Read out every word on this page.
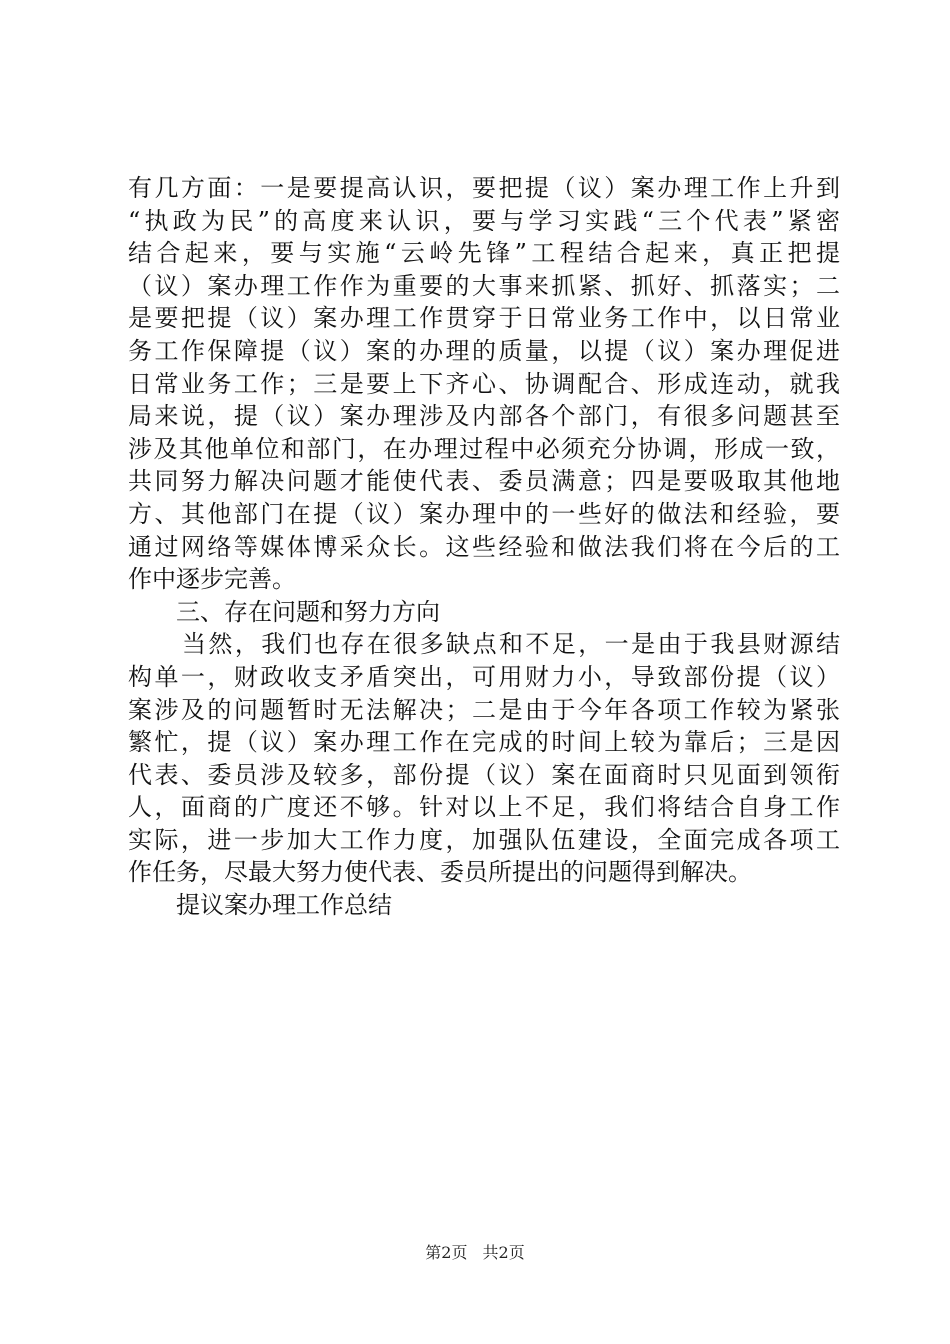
有几方面：一是要提高认识，要把提（议）案办理工作上升到
“执政为民”的高度来认识，要与学习实践“三个代表”紧密
结合起来，要与实施“云岭先锋”工程结合起来，真正把提
（议）案办理工作作为重要的大事来抓紧、抓好、抓落实；二
是要把提（议）案办理工作贯穿于日常业务工作中，以日常业
务工作保障提（议）案的办理的质量，以提（议）案办理促进
日常业务工作；三是要上下齐心、协调配合、形成连动，就我
局来说，提（议）案办理涉及内部各个部门，有很多问题甚至
涉及其他单位和部门，在办理过程中必须充分协调，形成一致，
共同努力解决问题才能使代表、委员满意；四是要吸取其他地
方、其他部门在提（议）案办理中的一些好的做法和经验，要
通过网络等媒体博采众长。这些经验和做法我们将在今后的工
作中逐步完善。
三、存在问题和努力方向
当然，我们也存在很多缺点和不足，一是由于我县财源结
构单一，财政收支矛盾突出，可用财力小，导致部份提（议）
案涉及的问题暂时无法解决；二是由于今年各项工作较为紧张
繁忙，提（议）案办理工作在完成的时间上较为靠后；三是因
代表、委员涉及较多，部份提（议）案在面商时只见面到领衔
人，面商的广度还不够。针对以上不足，我们将结合自身工作
实际，进一步加大工作力度，加强队伍建设，全面完成各项工
作任务，尽最大努力使代表、委员所提出的问题得到解决。
提议案办理工作总结
第2页 共2页
